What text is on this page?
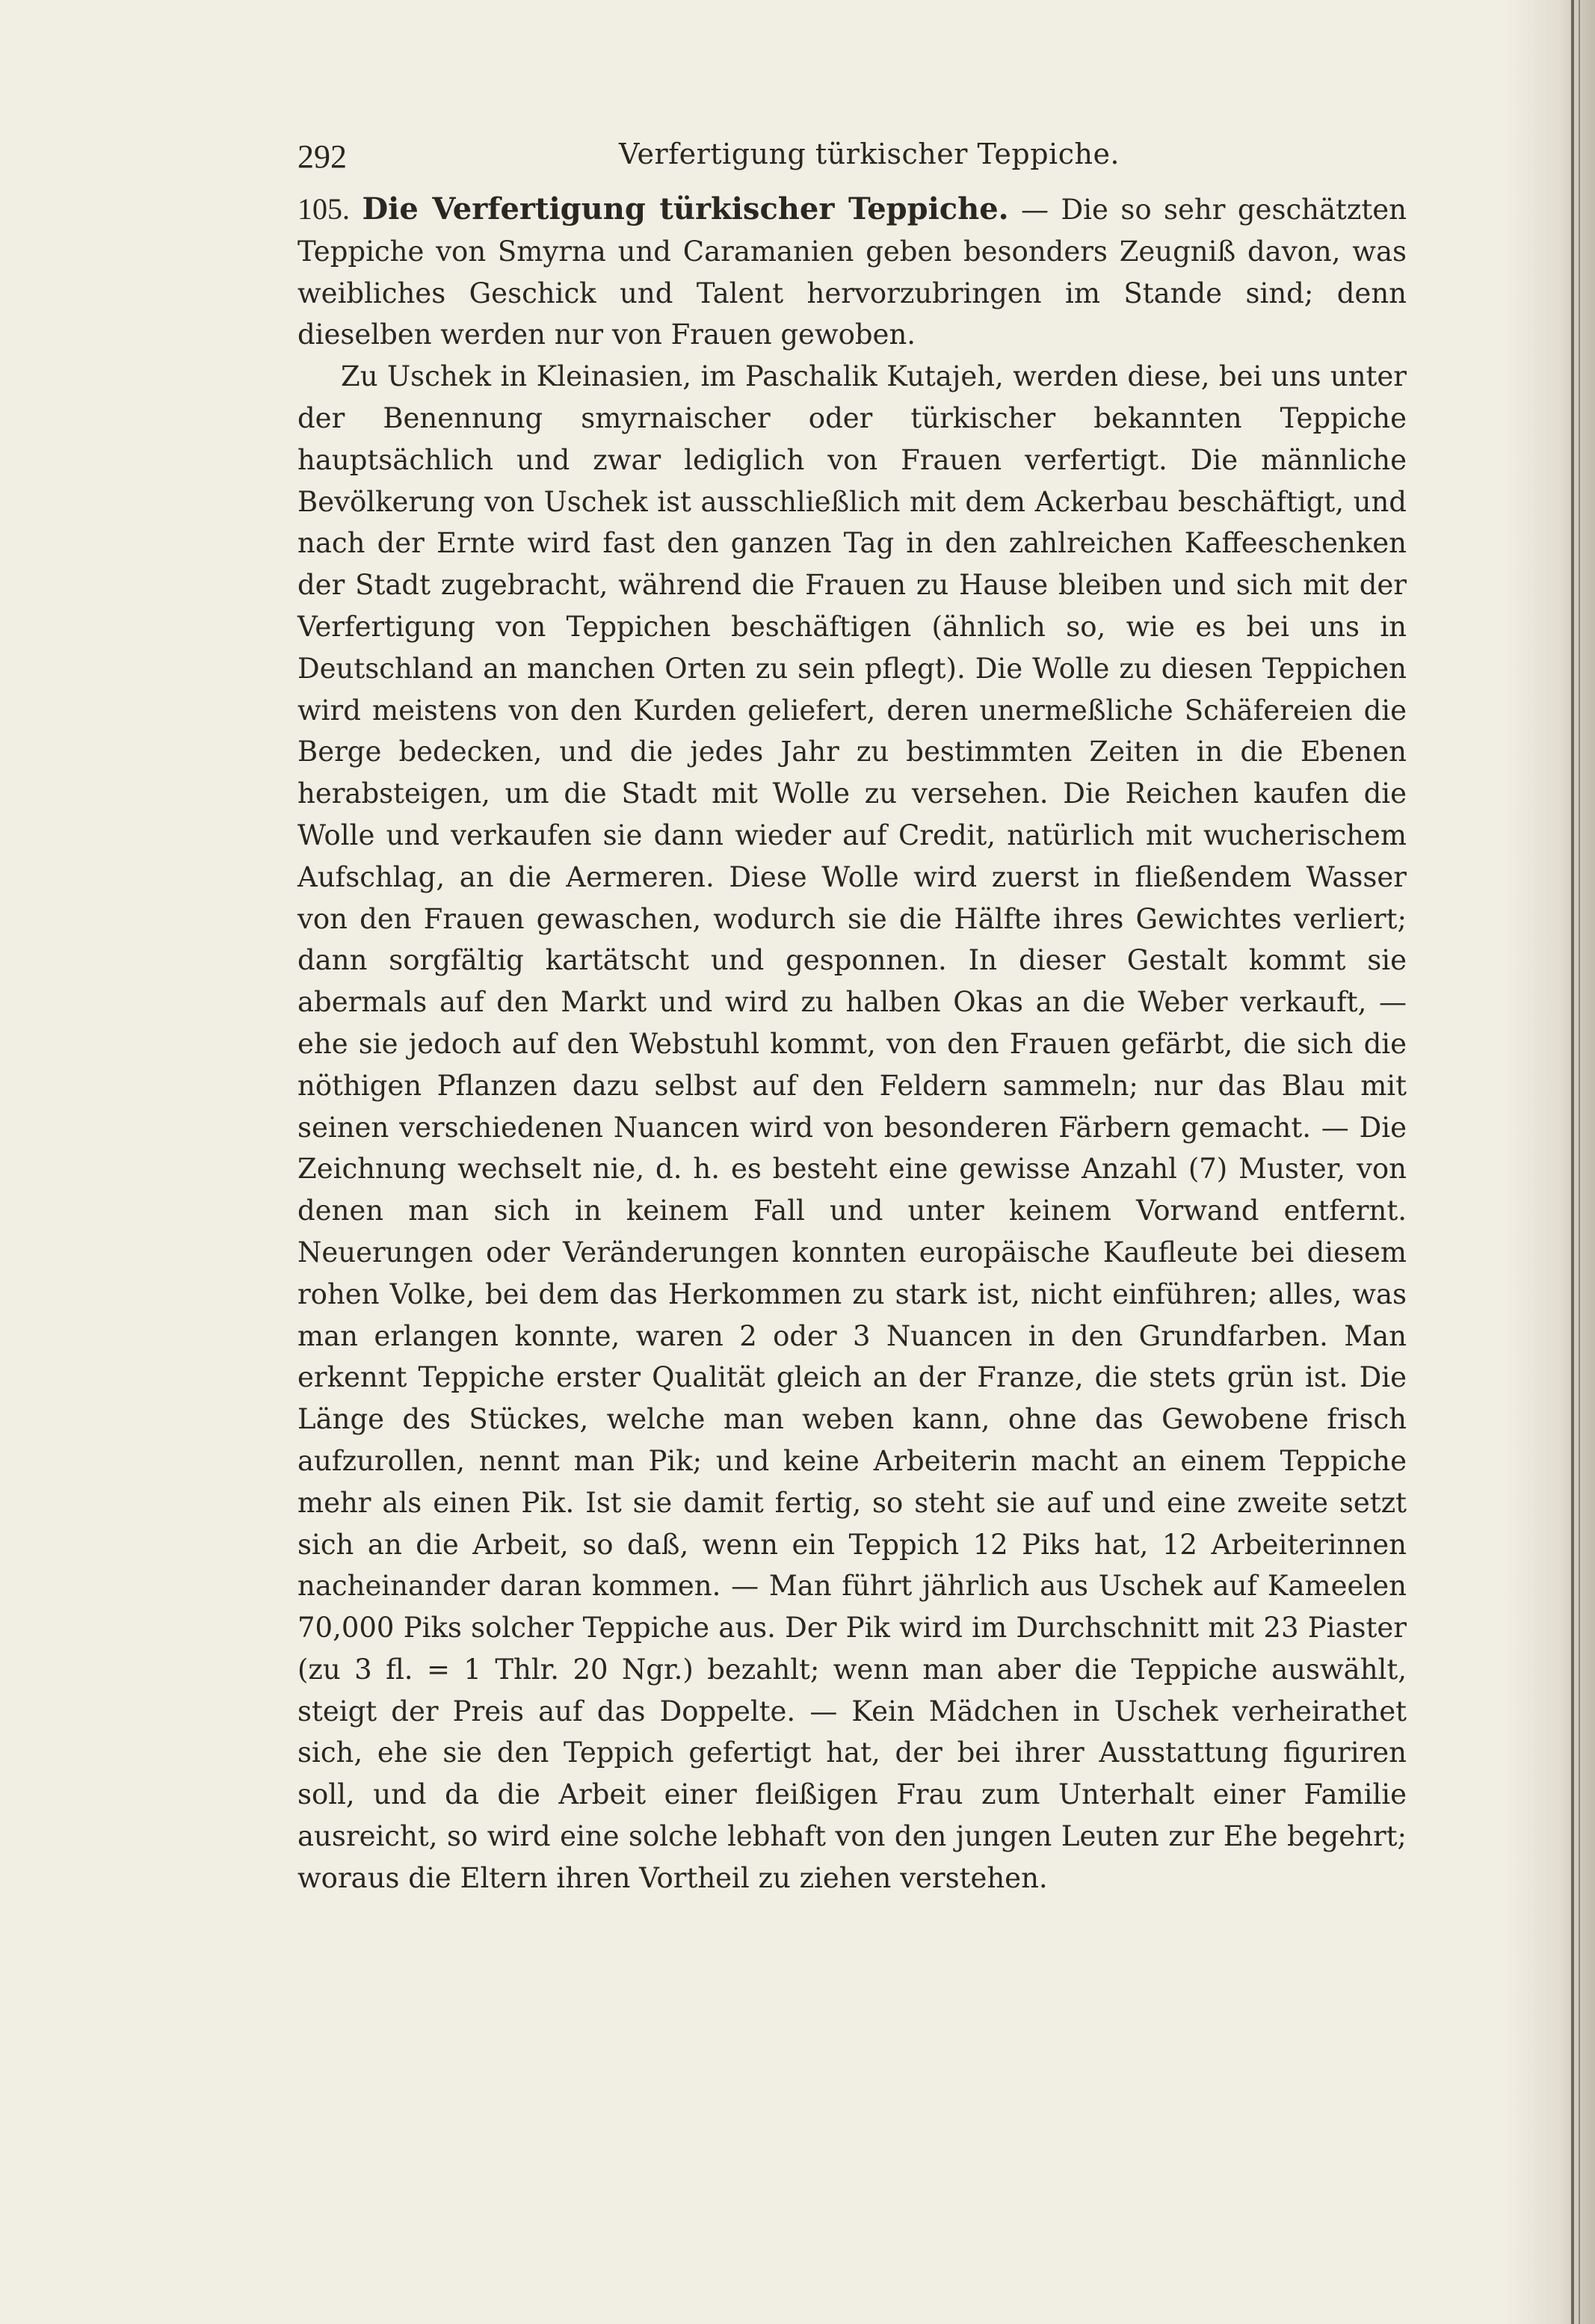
292	Verfertigung türkischer Teppiche.

105. Die Verfertigung türkischer Teppiche. — Die so sehr geschätzten Teppiche von Smyrna und Caramanien geben besonders Zeugniß davon, was weibliches Geschick und Talent hervorzubringen im Stande sind; denn dieselben werden nur von Frauen gewoben.

Zu Uschek in Kleinasien, im Paschalik Kutajeh, werden diese, bei uns unter der Benennung smyrnaischer oder türkischer bekannten Teppiche hauptsächlich und zwar lediglich von Frauen verfertigt. Die männliche Bevölkerung von Uschek ist ausschließlich mit dem Ackerbau beschäftigt, und nach der Ernte wird fast den ganzen Tag in den zahlreichen Kaffeeschenken der Stadt zugebracht, während die Frauen zu Hause bleiben und sich mit der Verfertigung von Teppichen beschäftigen (ähnlich so, wie es bei uns in Deutschland an manchen Orten zu sein pflegt). Die Wolle zu diesen Teppichen wird meistens von den Kurden geliefert, deren unermeßliche Schäfereien die Berge bedecken, und die jedes Jahr zu bestimmten Zeiten in die Ebenen herabsteigen, um die Stadt mit Wolle zu versehen. Die Reichen kaufen die Wolle und verkaufen sie dann wieder auf Credit, natürlich mit wucherischem Aufschlag, an die Aermeren. Diese Wolle wird zuerst in fließendem Wasser von den Frauen gewaschen, wodurch sie die Hälfte ihres Gewichtes verliert; dann sorgfältig kartätscht und gesponnen. In dieser Gestalt kommt sie abermals auf den Markt und wird zu halben Okas an die Weber verkauft, — ehe sie jedoch auf den Webstuhl kommt, von den Frauen gefärbt, die sich die nöthigen Pflanzen dazu selbst auf den Feldern sammeln; nur das Blau mit seinen verschiedenen Nuancen wird von besonderen Färbern gemacht. — Die Zeichnung wechselt nie, d. h. es besteht eine gewisse Anzahl (7) Muster, von denen man sich in keinem Fall und unter keinem Vorwand entfernt. Neuerungen oder Veränderungen konnten europäische Kaufleute bei diesem rohen Volke, bei dem das Herkommen zu stark ist, nicht einführen; alles, was man erlangen konnte, waren 2 oder 3 Nuancen in den Grundfarben. Man erkennt Teppiche erster Qualität gleich an der Franze, die stets grün ist. Die Länge des Stückes, welche man weben kann, ohne das Gewobene frisch aufzurollen, nennt man Pik; und keine Arbeiterin macht an einem Teppiche mehr als einen Pik. Ist sie damit fertig, so steht sie auf und eine zweite setzt sich an die Arbeit, so daß, wenn ein Teppich 12 Piks hat, 12 Arbeiterinnen nacheinander daran kommen. — Man führt jährlich aus Uschek auf Kameelen 70,000 Piks solcher Teppiche aus. Der Pik wird im Durchschnitt mit 23 Piaster (zu 3 fl. = 1 Thlr. 20 Ngr.) bezahlt; wenn man aber die Teppiche auswählt, steigt der Preis auf das Doppelte. — Kein Mädchen in Uschek verheirathet sich, ehe sie den Teppich gefertigt hat, der bei ihrer Ausstattung figuriren soll, und da die Arbeit einer fleißigen Frau zum Unterhalt einer Familie ausreicht, so wird eine solche lebhaft von den jungen Leuten zur Ehe begehrt; woraus die Eltern ihren Vortheil zu ziehen verstehen.
